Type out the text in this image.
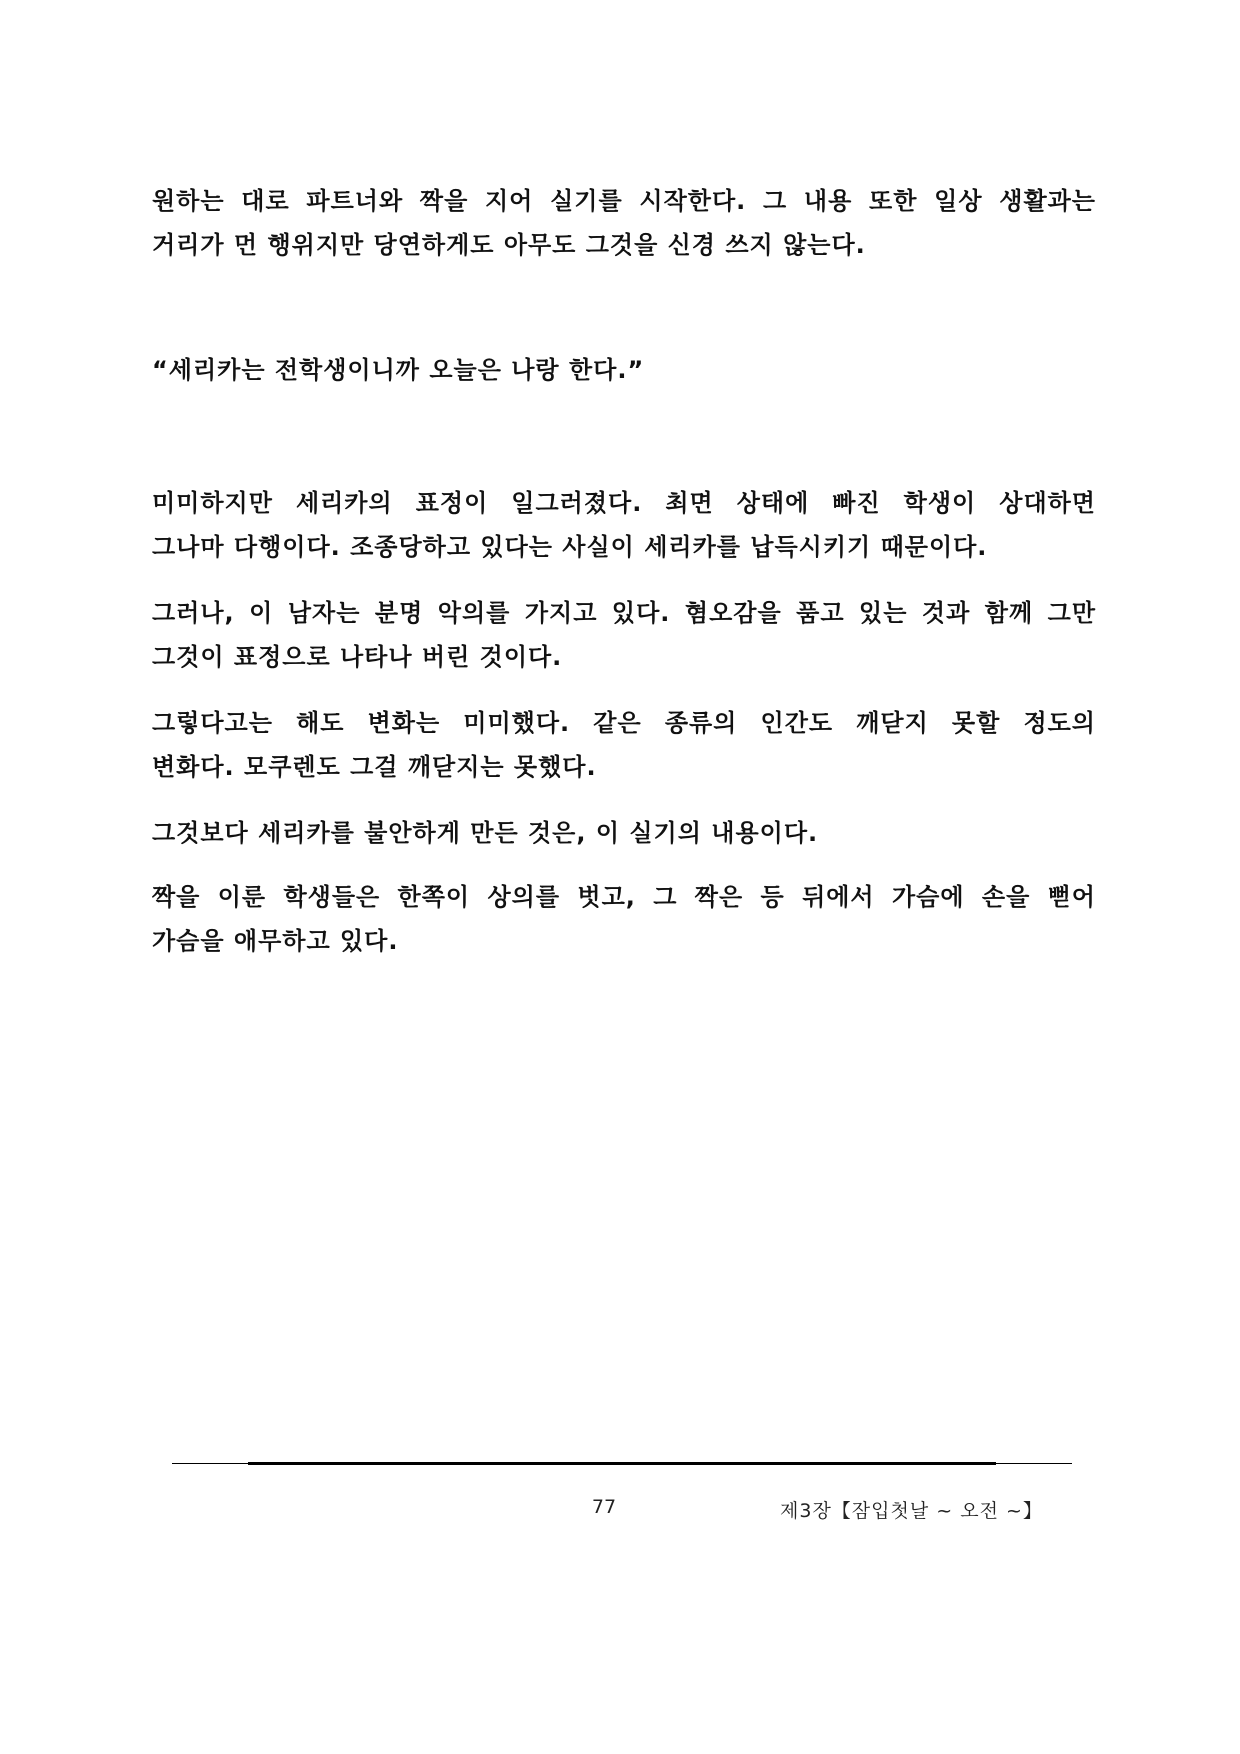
원하는 대로 파트너와 짝을 지어 실기를 시작한다. 그 내용 또한 일상 생활과는
거리가 먼 행위지만 당연하게도 아무도 그것을 신경 쓰지 않는다.

“세리카는 전학생이니까 오늘은 나랑 한다.”

미미하지만 세리카의 표정이 일그러졌다. 최면 상태에 빠진 학생이 상대하면
그나마 다행이다. 조종당하고 있다는 사실이 세리카를 납득시키기 때문이다.

그러나, 이 남자는 분명 악의를 가지고 있다. 혐오감을 품고 있는 것과 함께 그만
그것이 표정으로 나타나 버린 것이다.

그렇다고는 해도 변화는 미미했다. 같은 종류의 인간도 깨닫지 못할 정도의
변화다. 모쿠렌도 그걸 깨닫지는 못했다.

그것보다 세리카를 불안하게 만든 것은, 이 실기의 내용이다.

짝을 이룬 학생들은 한쪽이 상의를 벗고, 그 짝은 등 뒤에서 가슴에 손을 뻗어
가슴을 애무하고 있다.

77	제3장【잠입첫날 ~ 오전 ~】
